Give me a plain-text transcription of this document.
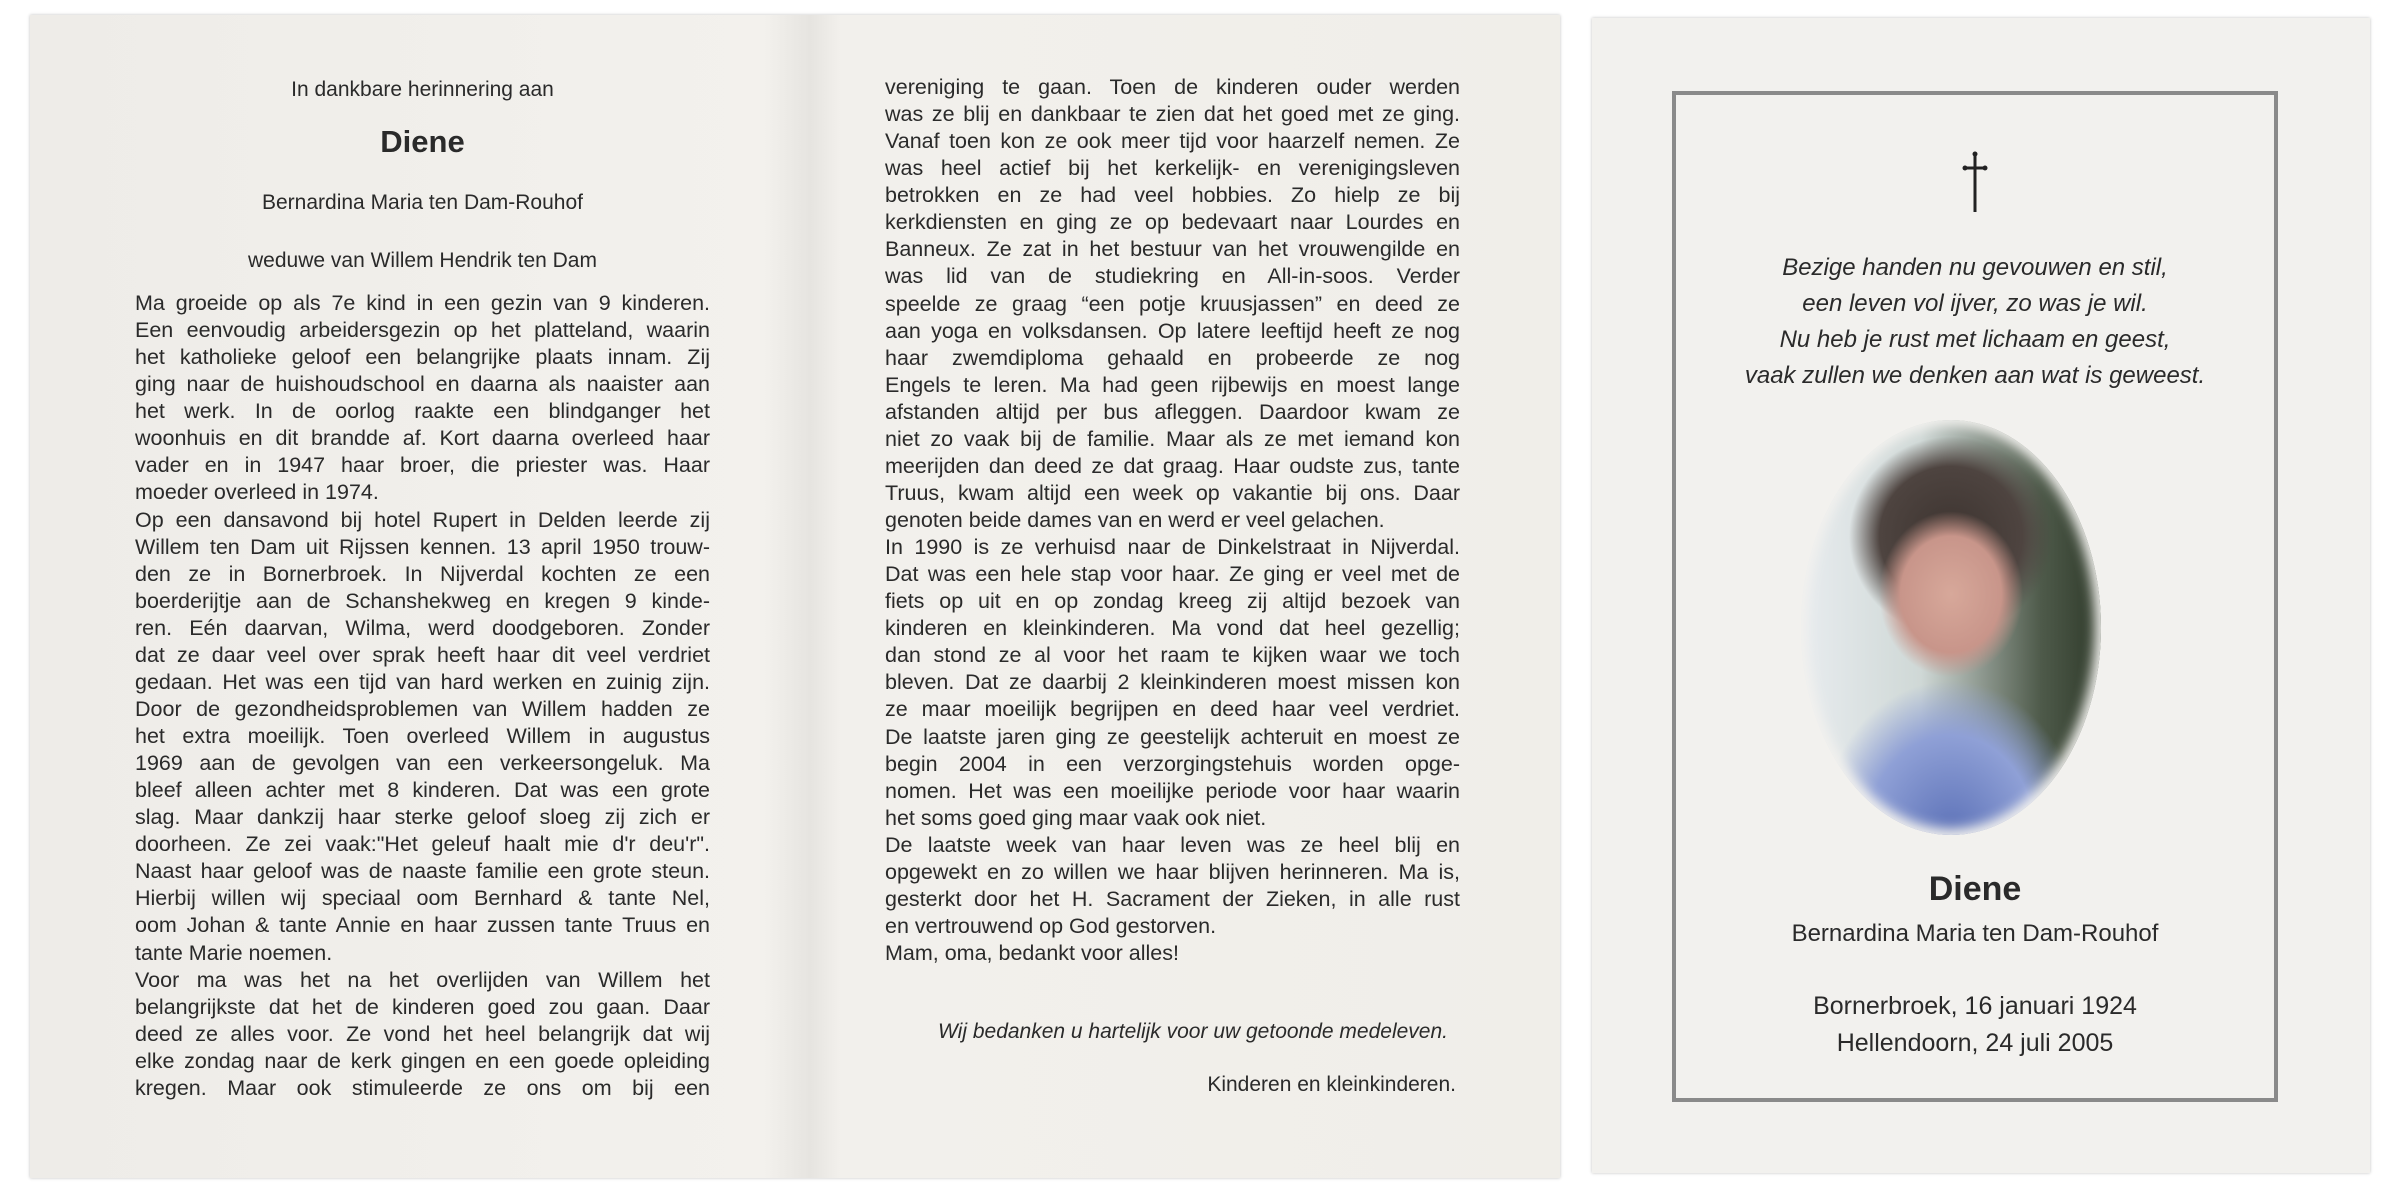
In dankbare herinnering aan
Diene
Bernardina Maria ten Dam-Rouhof
weduwe van Willem Hendrik ten Dam
Ma groeide op als 7e kind in een gezin van 9 kinderen.
Een eenvoudig arbeidersgezin op het platteland, waarin
het katholieke geloof een belangrijke plaats innam. Zij
ging naar de huishoudschool en daarna als naaister aan
het werk. In de oorlog raakte een blindganger het
woonhuis en dit brandde af. Kort daarna overleed haar
vader en in 1947 haar broer, die priester was. Haar
moeder overleed in 1974.
Op een dansavond bij hotel Rupert in Delden leerde zij
Willem ten Dam uit Rijssen kennen. 13 april 1950 trouw-
den ze in Bornerbroek. In Nijverdal kochten ze een
boerderijtje aan de Schanshekweg en kregen 9 kinde-
ren. Eén daarvan, Wilma, werd doodgeboren. Zonder
dat ze daar veel over sprak heeft haar dit veel verdriet
gedaan. Het was een tijd van hard werken en zuinig zijn.
Door de gezondheidsproblemen van Willem hadden ze
het extra moeilijk. Toen overleed Willem in augustus
1969 aan de gevolgen van een verkeersongeluk. Ma
bleef alleen achter met 8 kinderen. Dat was een grote
slag. Maar dankzij haar sterke geloof sloeg zij zich er
doorheen. Ze zei vaak:"Het geleuf haalt mie d'r deu'r".
Naast haar geloof was de naaste familie een grote steun.
Hierbij willen wij speciaal oom Bernhard & tante Nel,
oom Johan & tante Annie en haar zussen tante Truus en
tante Marie noemen.
Voor ma was het na het overlijden van Willem het
belangrijkste dat het de kinderen goed zou gaan. Daar
deed ze alles voor. Ze vond het heel belangrijk dat wij
elke zondag naar de kerk gingen en een goede opleiding
kregen. Maar ook stimuleerde ze ons om bij een
vereniging te gaan. Toen de kinderen ouder werden
was ze blij en dankbaar te zien dat het goed met ze ging.
Vanaf toen kon ze ook meer tijd voor haarzelf nemen. Ze
was heel actief bij het kerkelijk- en verenigingsleven
betrokken en ze had veel hobbies. Zo hielp ze bij
kerkdiensten en ging ze op bedevaart naar Lourdes en
Banneux. Ze zat in het bestuur van het vrouwengilde en
was lid van de studiekring en All-in-soos. Verder
speelde ze graag “een potje kruusjassen” en deed ze
aan yoga en volksdansen. Op latere leeftijd heeft ze nog
haar zwemdiploma gehaald en probeerde ze nog
Engels te leren. Ma had geen rijbewijs en moest lange
afstanden altijd per bus afleggen. Daardoor kwam ze
niet zo vaak bij de familie. Maar als ze met iemand kon
meerijden dan deed ze dat graag. Haar oudste zus, tante
Truus, kwam altijd een week op vakantie bij ons. Daar
genoten beide dames van en werd er veel gelachen.
In 1990 is ze verhuisd naar de Dinkelstraat in Nijverdal.
Dat was een hele stap voor haar. Ze ging er veel met de
fiets op uit en op zondag kreeg zij altijd bezoek van
kinderen en kleinkinderen. Ma vond dat heel gezellig;
dan stond ze al voor het raam te kijken waar we toch
bleven. Dat ze daarbij 2 kleinkinderen moest missen kon
ze maar moeilijk begrijpen en deed haar veel verdriet.
De laatste jaren ging ze geestelijk achteruit en moest ze
begin 2004 in een verzorgingstehuis worden opge-
nomen. Het was een moeilijke periode voor haar waarin
het soms goed ging maar vaak ook niet.
De laatste week van haar leven was ze heel blij en
opgewekt en zo willen we haar blijven herinneren. Ma is,
gesterkt door het H. Sacrament der Zieken, in alle rust
en vertrouwend op God gestorven.
Mam, oma, bedankt voor alles!
Wij bedanken u hartelijk voor uw getoonde medeleven.
Kinderen en kleinkinderen.
Bezige handen nu gevouwen en stil,
een leven vol ijver, zo was je wil.
Nu heb je rust met lichaam en geest,
vaak zullen we denken aan wat is geweest.
Diene
Bernardina Maria ten Dam-Rouhof
Bornerbroek, 16 januari 1924
Hellendoorn, 24 juli 2005
